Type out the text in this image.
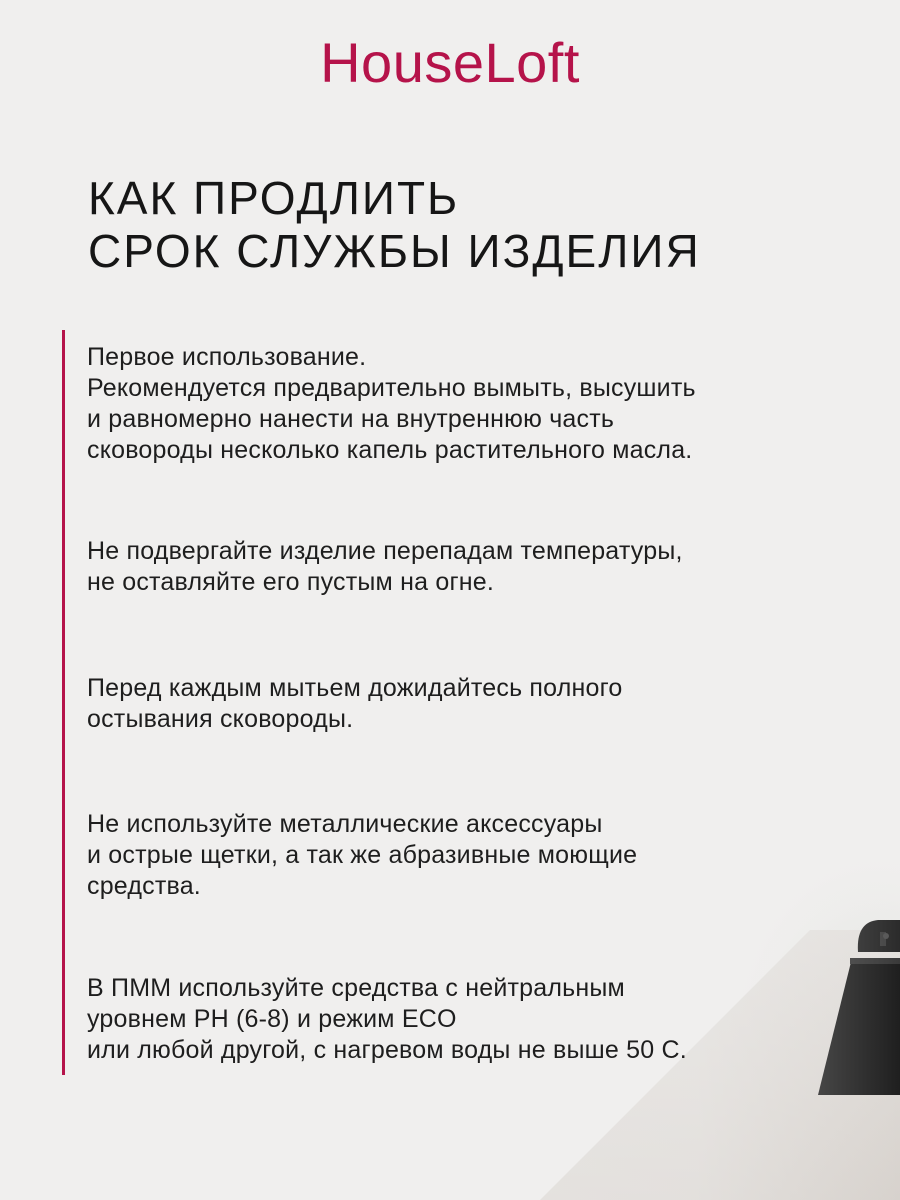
HouseLoft
КАК ПРОДЛИТЬ
СРОК СЛУЖБЫ ИЗДЕЛИЯ

Первое использование.
Рекомендуется предварительно вымыть, высушить
и равномерно нанести на внутреннюю часть
сковороды несколько капель растительного масла.

Не подвергайте изделие перепадам температуры,
не оставляйте его пустым на огне.

Перед каждым мытьем дожидайтесь полного
остывания сковороды.

Не используйте металлические аксессуары
и острые щетки, а так же абразивные моющие
средства.

В ПММ используйте средства с нейтральным
уровнем PH (6-8) и режим ECO
или любой другой, с нагревом воды не выше 50 С.
